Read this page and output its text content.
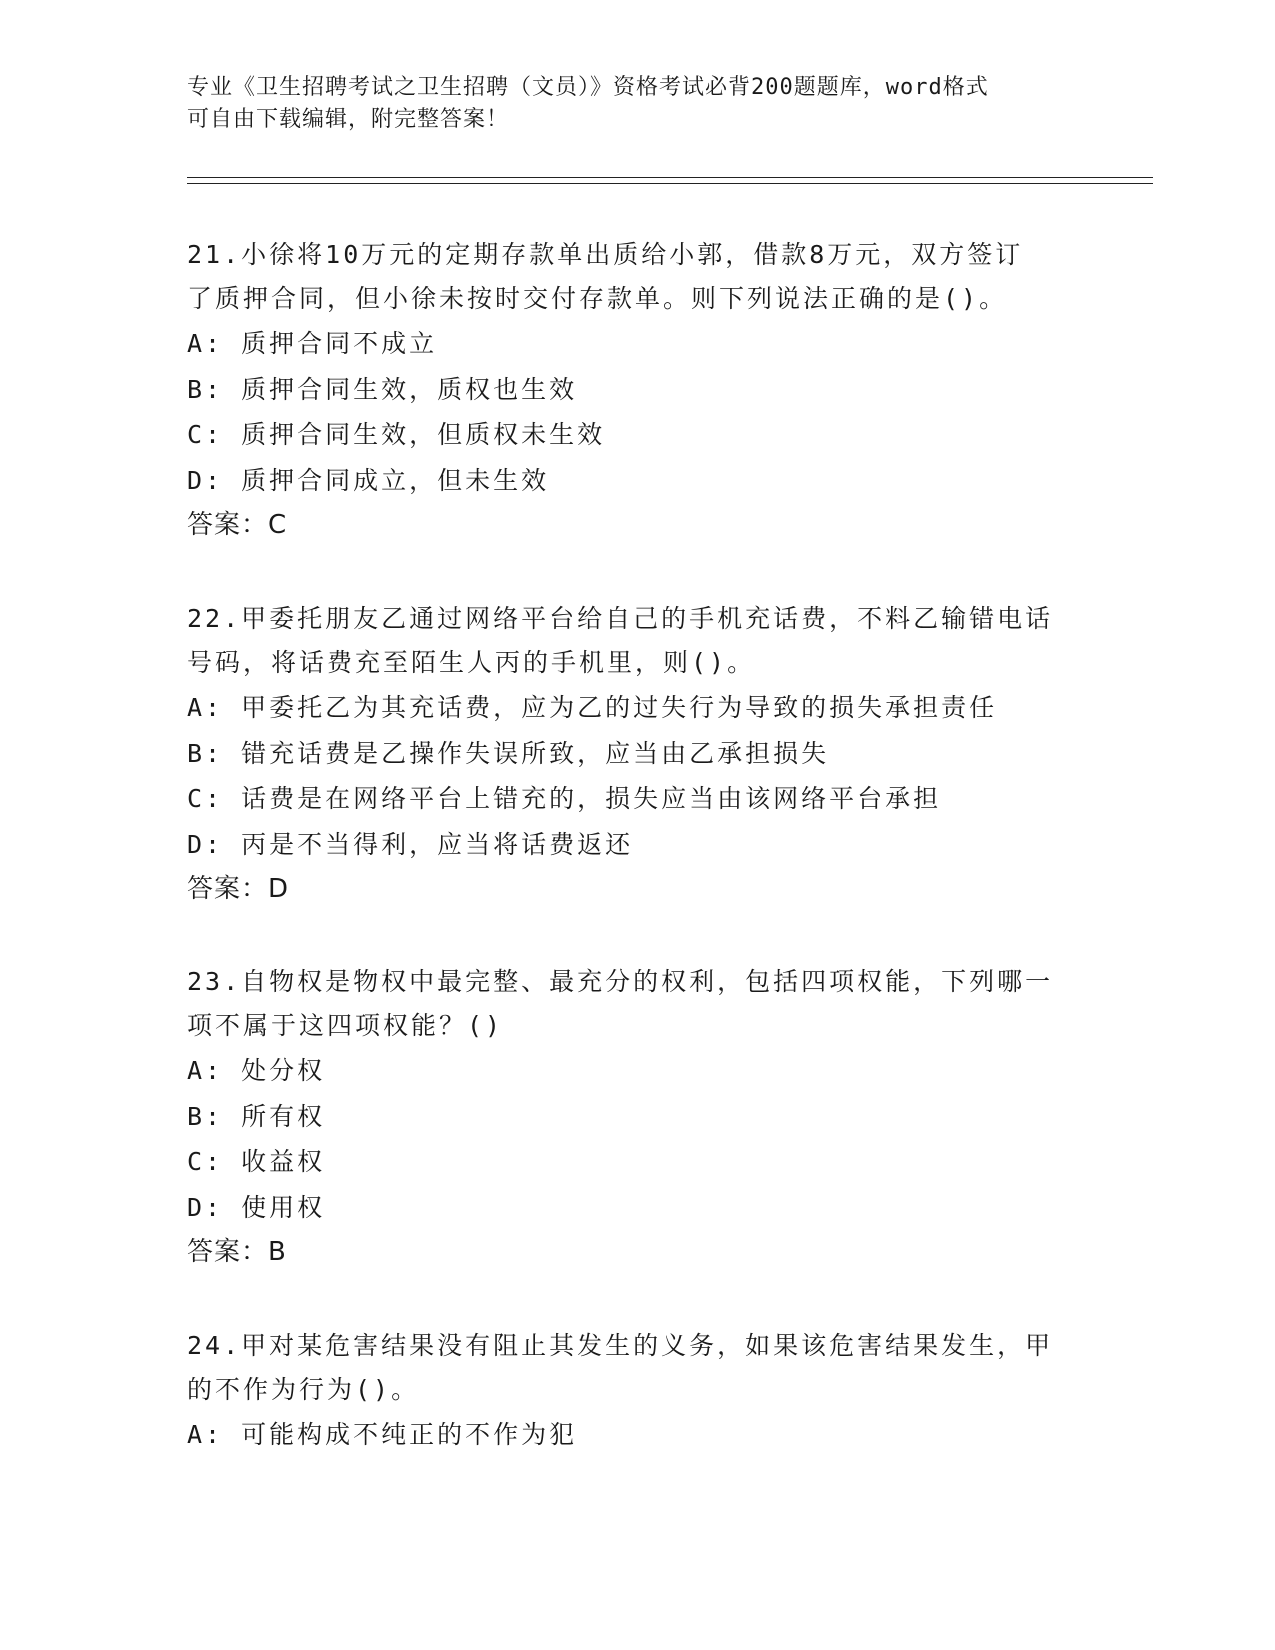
专业《卫生招聘考试之卫生招聘（文员）》资格考试必背200题题库，word格式
可自由下载编辑，附完整答案！

21.小徐将10万元的定期存款单出质给小郭，借款8万元，双方签订

了质押合同，但小徐未按时交付存款单。则下列说法正确的是()。

A: 质押合同不成立

B: 质押合同生效，质权也生效

C: 质押合同生效，但质权未生效

D: 质押合同成立，但未生效

答案：C

22.甲委托朋友乙通过网络平台给自己的手机充话费，不料乙输错电话

号码，将话费充至陌生人丙的手机里，则()。

A: 甲委托乙为其充话费，应为乙的过失行为导致的损失承担责任

B: 错充话费是乙操作失误所致，应当由乙承担损失

C: 话费是在网络平台上错充的，损失应当由该网络平台承担

D: 丙是不当得利，应当将话费返还

答案：D

23.自物权是物权中最完整、最充分的权利，包括四项权能，下列哪一

项不属于这四项权能？()

A: 处分权

B: 所有权

C: 收益权

D: 使用权

答案：B

24.甲对某危害结果没有阻止其发生的义务，如果该危害结果发生，甲

的不作为行为()。

A: 可能构成不纯正的不作为犯
